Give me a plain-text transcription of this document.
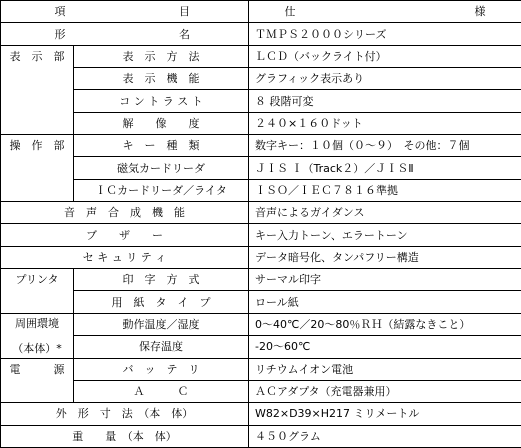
項 目		仕 様
形 名		ＴＭＰＳ２０００シリーズ
表　示　部	表　示　方　法	ＬＣＤ（バックライト付）
	表　示　機　能	グラフィック表示あり
	コ ン ト ラ ス ト	８ 段階可変
	解　　像　　度	２４０×１６０ドット
操　作　部	キ　ー　種　類	数字キー：１０個（０～９）　その他：７個
	磁気カードリーダ	ＪＩＳ Ｉ（Track２）／ＪＩＳⅡ
	ＩＣカードリーダ／ライタ	ＩＳＯ／ＩＥＣ７８１６準拠
音　声　合　成　機　能		音声によるガイダンス
ブ　　ザ　　ー		キー入力トーン、エラートーン
セ キ ュ リ テ ィ		データ暗号化、タンパフリー構造
プリンタ	印　字　方　式	サーマル印字
	用　紙　タ　イ　プ	ロール紙

周囲環境
（本体）*	動作温度／湿度	0～40℃／20～80％ＲＨ（結露なきこと）
	保存温度	-20～60℃
電　　　源	バ　ッ　テ　リ	リチウムイオン電池
	Ａ　　　Ｃ	ＡＣアダプタ（充電器兼用）
外　形　寸　法　（本　体）		W82×D39×H217 ミリメートル
重　　量　（本　体）		４５０グラム
